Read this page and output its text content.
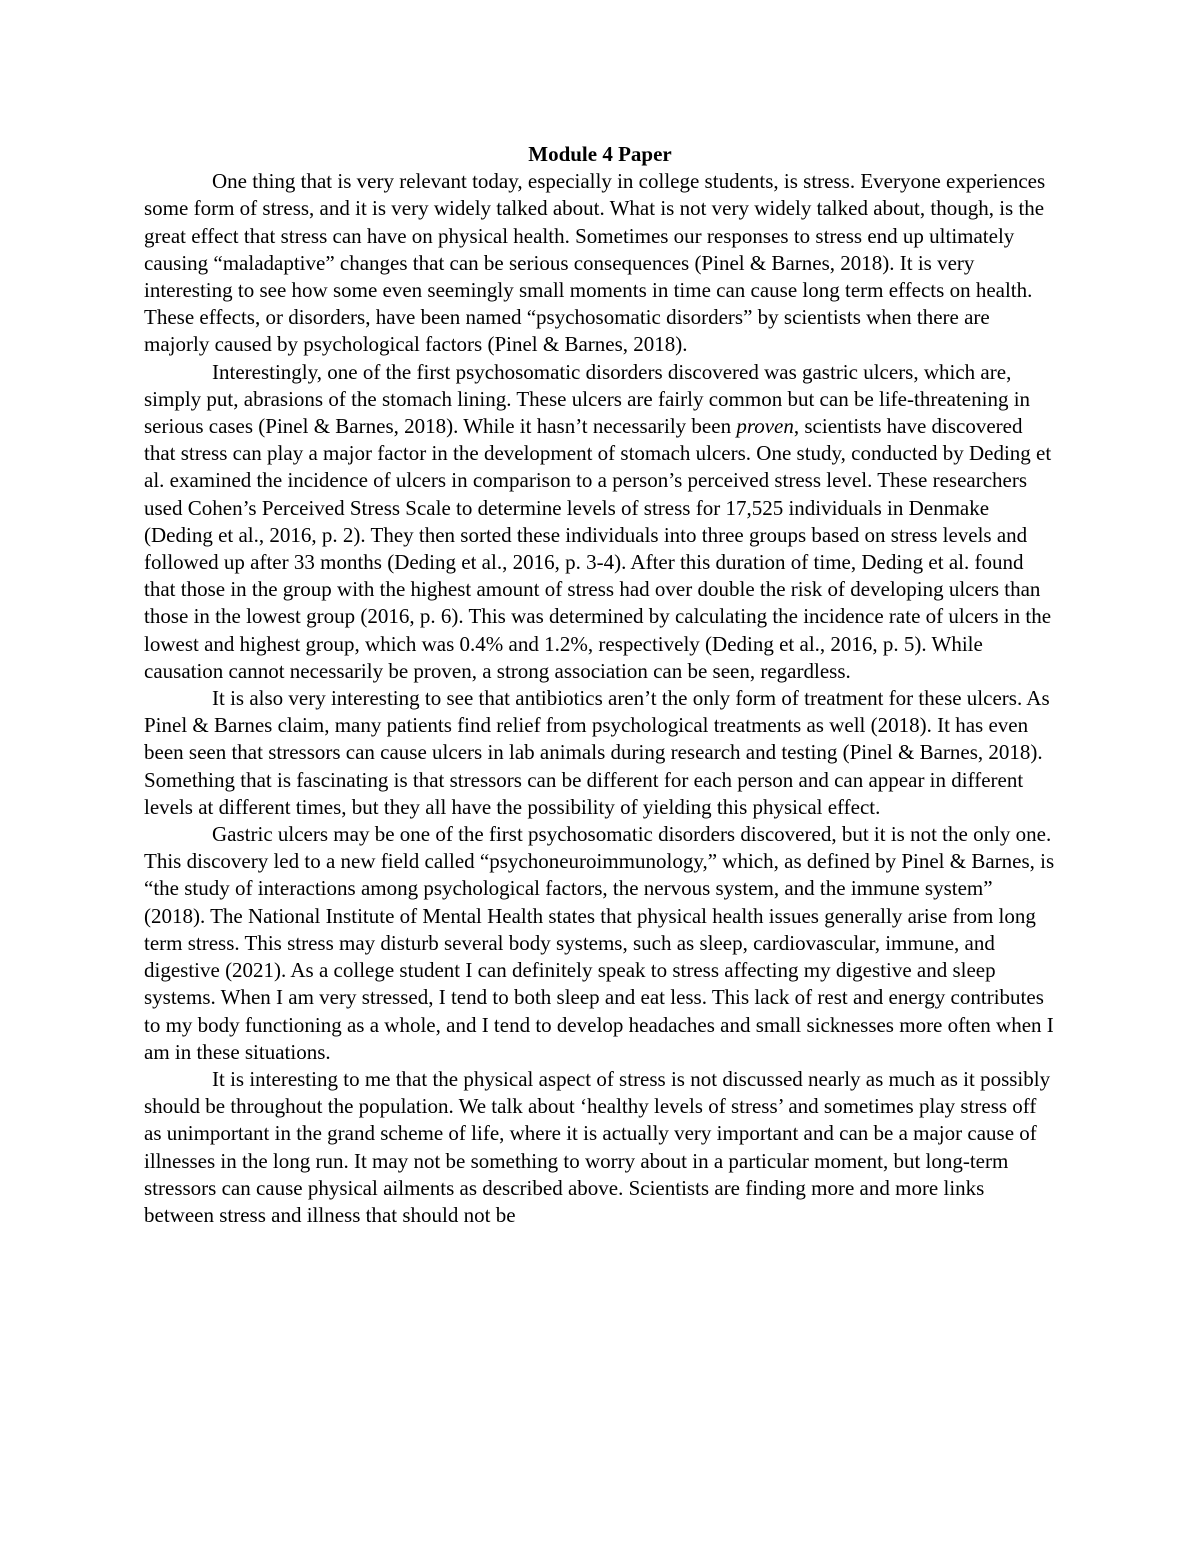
Module 4 Paper

One thing that is very relevant today, especially in college students, is stress. Everyone experiences some form of stress, and it is very widely talked about. What is not very widely talked about, though, is the great effect that stress can have on physical health. Sometimes our responses to stress end up ultimately causing “maladaptive” changes that can be serious consequences (Pinel & Barnes, 2018). It is very interesting to see how some even seemingly small moments in time can cause long term effects on health. These effects, or disorders, have been named “psychosomatic disorders” by scientists when there are majorly caused by psychological factors (Pinel & Barnes, 2018).

Interestingly, one of the first psychosomatic disorders discovered was gastric ulcers, which are, simply put, abrasions of the stomach lining. These ulcers are fairly common but can be life-threatening in serious cases (Pinel & Barnes, 2018). While it hasn’t necessarily been proven, scientists have discovered that stress can play a major factor in the development of stomach ulcers. One study, conducted by Deding et al. examined the incidence of ulcers in comparison to a person’s perceived stress level. These researchers used Cohen’s Perceived Stress Scale to determine levels of stress for 17,525 individuals in Denmake (Deding et al., 2016, p. 2). They then sorted these individuals into three groups based on stress levels and followed up after 33 months (Deding et al., 2016, p. 3-4). After this duration of time, Deding et al. found that those in the group with the highest amount of stress had over double the risk of developing ulcers than those in the lowest group (2016, p. 6). This was determined by calculating the incidence rate of ulcers in the lowest and highest group, which was 0.4% and 1.2%, respectively (Deding et al., 2016, p. 5). While causation cannot necessarily be proven, a strong association can be seen, regardless.

It is also very interesting to see that antibiotics aren’t the only form of treatment for these ulcers. As Pinel & Barnes claim, many patients find relief from psychological treatments as well (2018). It has even been seen that stressors can cause ulcers in lab animals during research and testing (Pinel & Barnes, 2018). Something that is fascinating is that stressors can be different for each person and can appear in different levels at different times, but they all have the possibility of yielding this physical effect.

Gastric ulcers may be one of the first psychosomatic disorders discovered, but it is not the only one. This discovery led to a new field called “psychoneuroimmunology,” which, as defined by Pinel & Barnes, is “the study of interactions among psychological factors, the nervous system, and the immune system” (2018). The National Institute of Mental Health states that physical health issues generally arise from long term stress. This stress may disturb several body systems, such as sleep, cardiovascular, immune, and digestive (2021). As a college student I can definitely speak to stress affecting my digestive and sleep systems. When I am very stressed, I tend to both sleep and eat less. This lack of rest and energy contributes to my body functioning as a whole, and I tend to develop headaches and small sicknesses more often when I am in these situations.

It is interesting to me that the physical aspect of stress is not discussed nearly as much as it possibly should be throughout the population. We talk about ‘healthy levels of stress’ and sometimes play stress off as unimportant in the grand scheme of life, where it is actually very important and can be a major cause of illnesses in the long run. It may not be something to worry about in a particular moment, but long-term stressors can cause physical ailments as described above. Scientists are finding more and more links between stress and illness that should not be
